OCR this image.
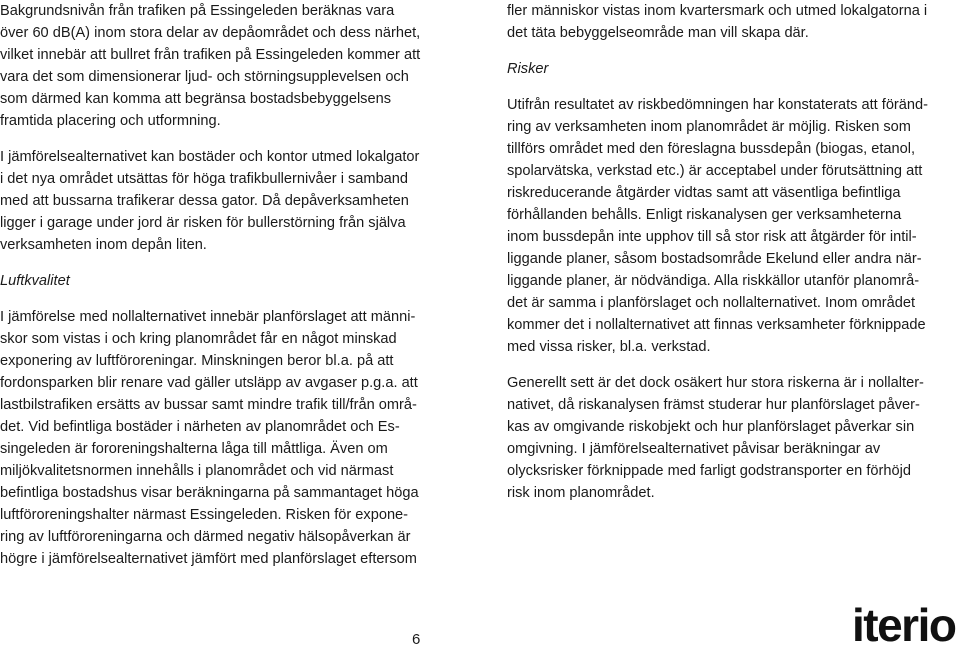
Bakgrundsnivån från trafiken på Essingeleden beräknas vara
över 60 dB(A) inom stora delar av depåområdet och dess närhet,
vilket innebär att bullret från trafiken på Essingeleden kommer att
vara det som dimensionerar ljud- och störningsupplevelsen och
som därmed kan komma att begränsa bostadsbebyggelsens
framtida placering och utformning.
I jämförelsealternativet kan bostäder och kontor utmed lokalgator
i det nya området utsättas för höga trafikbullernivåer i samband
med att bussarna trafikerar dessa gator. Då depåverksamheten
ligger i garage under jord är risken för bullerstörning från själva
verksamheten inom depån liten.
Luftkvalitet
I jämförelse med nollalternativet innebär planförslaget att männi-
skor som vistas i och kring planområdet får en något minskad
exponering av luftföroreningar. Minskningen beror bl.a. på att
fordonsparken blir renare vad gäller utsläpp av avgaser p.g.a. att
lastbilstrafiken ersätts av bussar samt mindre trafik till/från områ-
det. Vid befintliga bostäder i närheten av planområdet och Es-
singeleden är fororeningshalterna låga till måttliga. Även om
miljökvalitetsnormen innehålls i planområdet och vid närmast
befintliga bostadshus visar beräkningarna på sammantaget höga
luftföroreningshalter närmast Essingeleden. Risken för expone-
ring av luftföroreningarna och därmed negativ hälsopåverkan är
högre i jämförelsealternativet jämfört med planförslaget eftersom
fler människor vistas inom kvartersmark och utmed lokalgatorna i
det täta bebyggelseområde man vill skapa där.
Risker
Utifrån resultatet av riskbedömningen har konstaterats att föränd-
ring av verksamheten inom planområdet är möjlig. Risken som
tillförs området med den föreslagna bussdepån (biogas, etanol,
spolarvätska, verkstad etc.) är acceptabel under förutsättning att
riskreducerande åtgärder vidtas samt att väsentliga befintliga
förhållanden behålls. Enligt riskanalysen ger verksamheterna
inom bussdepån inte upphov till så stor risk att åtgärder för intil-
liggande planer, såsom bostadsområde Ekelund eller andra när-
liggande planer, är nödvändiga. Alla riskkällor utanför planområ-
det är samma i planförslaget och nollalternativet. Inom området
kommer det i nollalternativet att finnas verksamheter förknippade
med vissa risker, bl.a. verkstad.
Generellt sett är det dock osäkert hur stora riskerna är i nollalter-
nativet, då riskanalysen främst studerar hur planförslaget påver-
kas av omgivande riskobjekt och hur planförslaget påverkar sin
omgivning. I jämförelsealternativet påvisar beräkningar av
olycksrisker förknippade med farligt godstransporter en förhöjd
risk inom planområdet.
6	iterio
